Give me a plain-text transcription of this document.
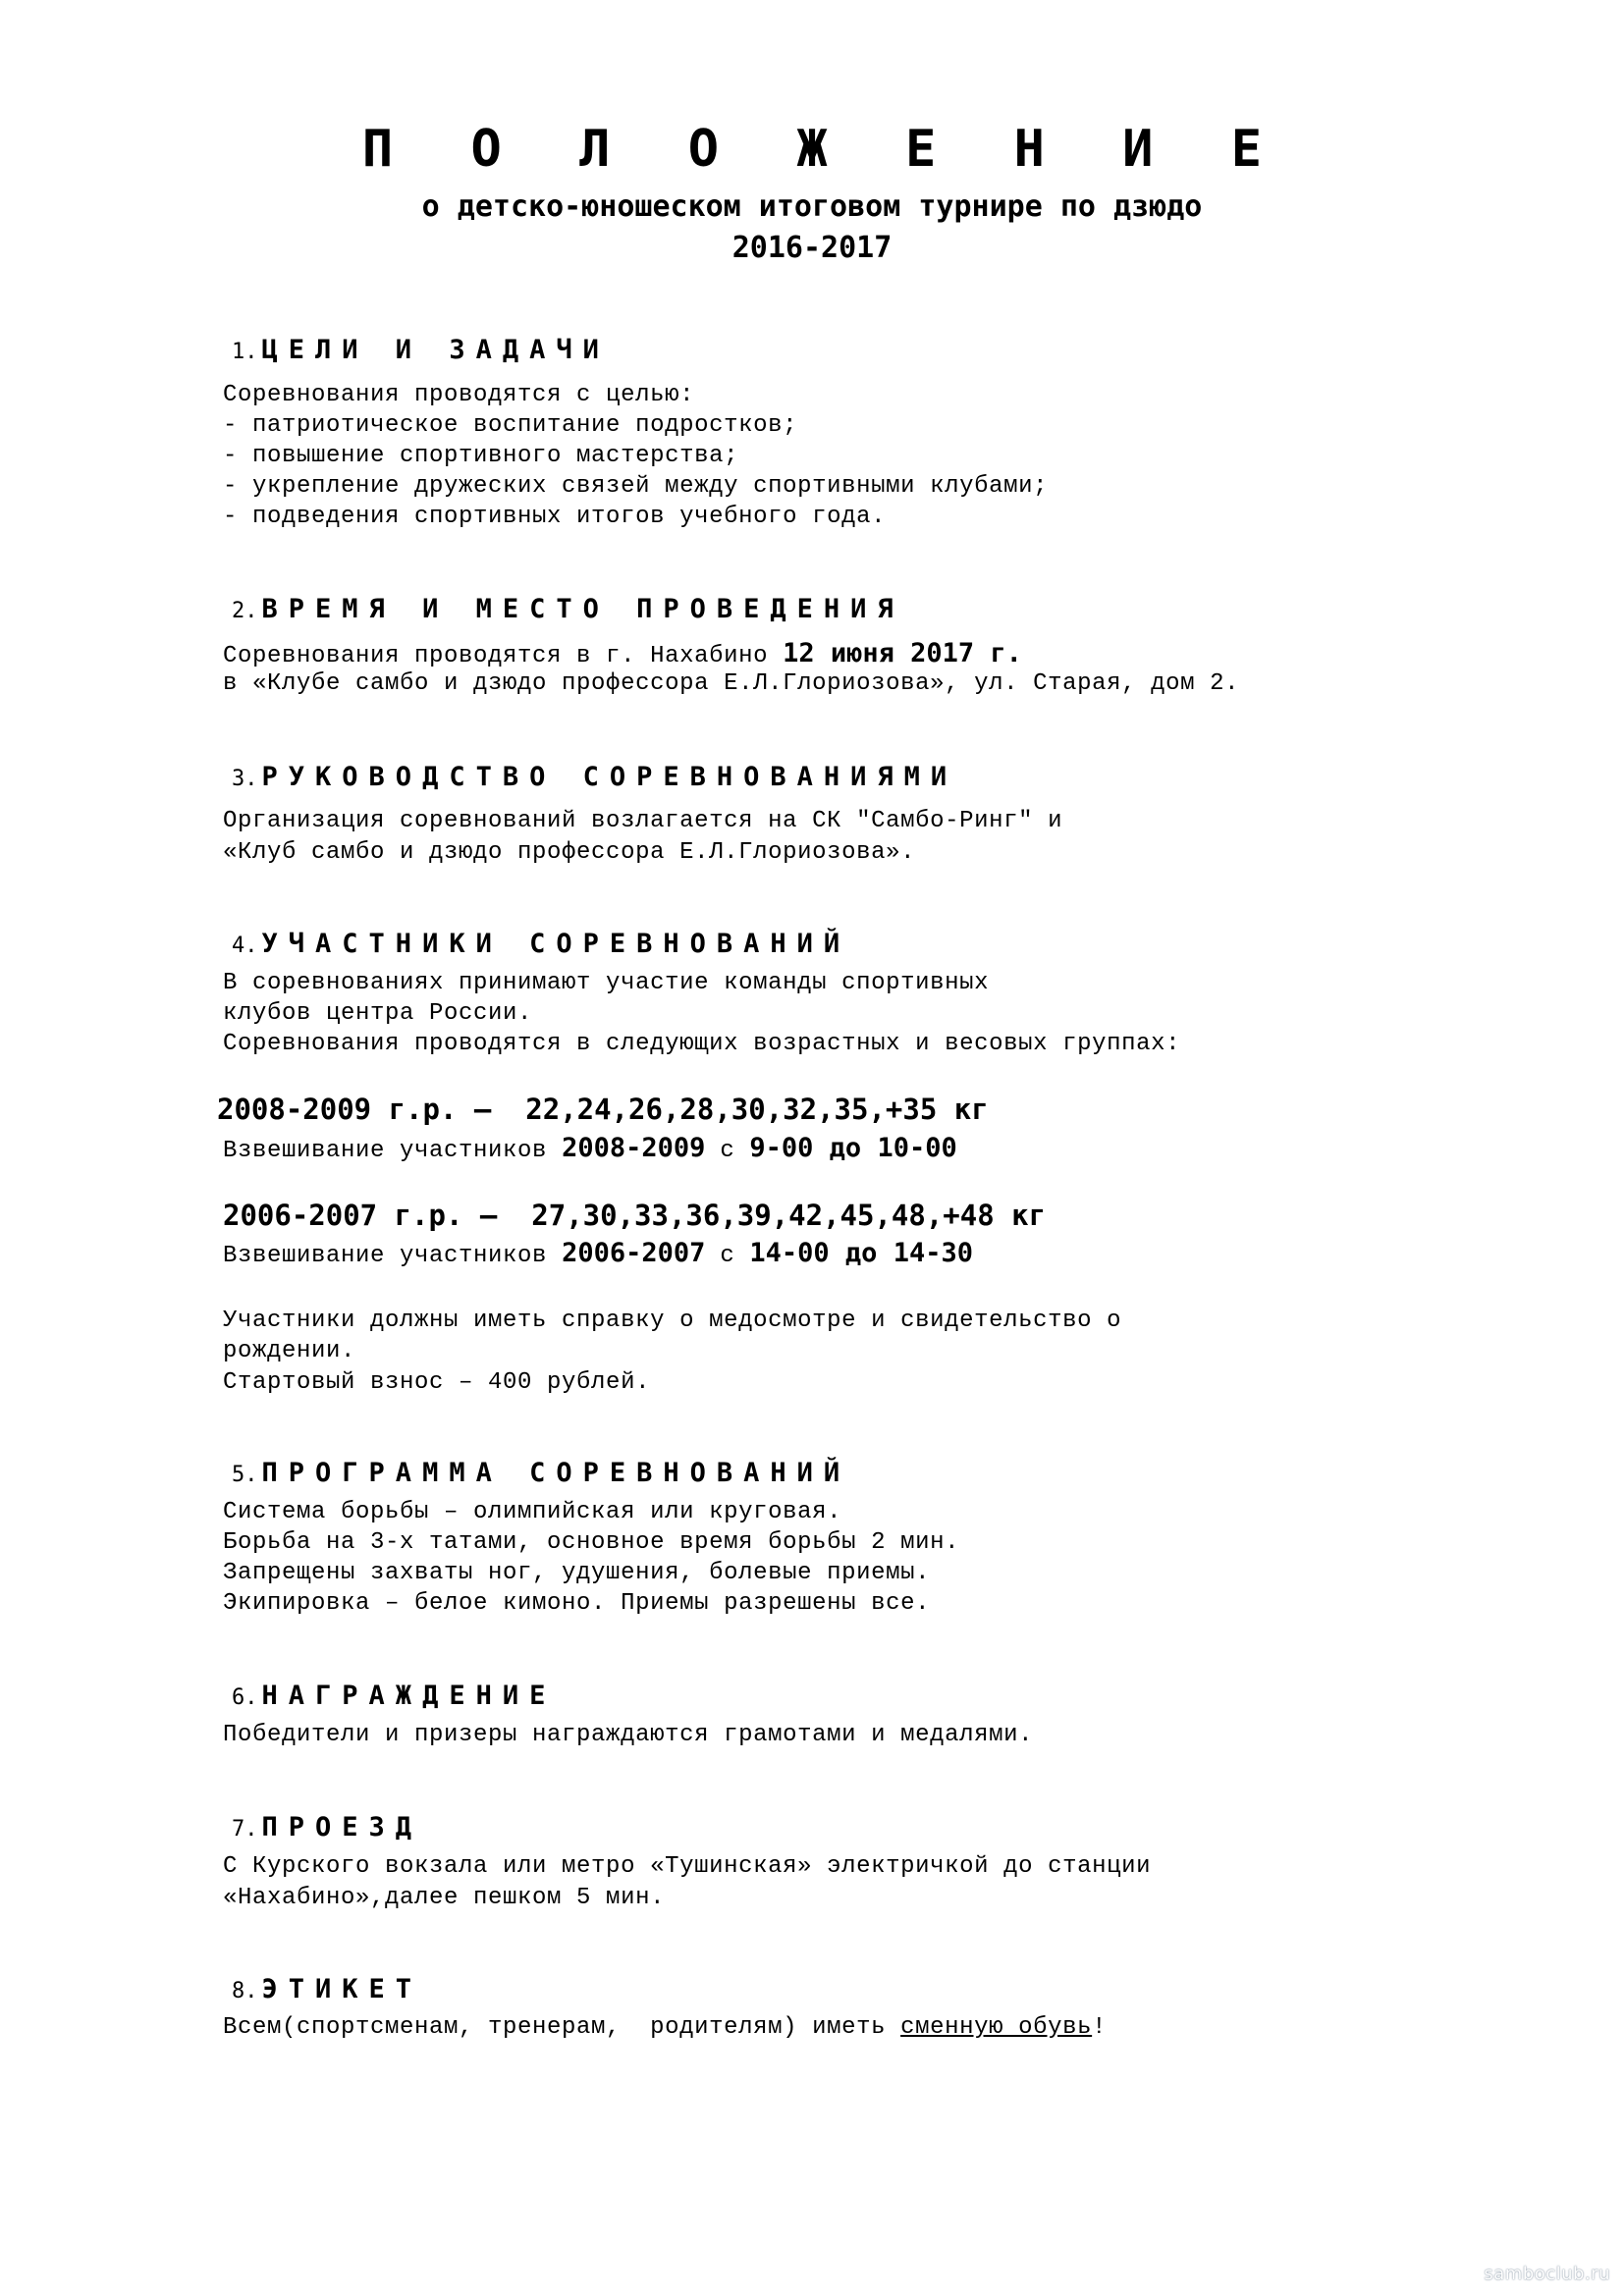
П О Л О Ж Е Н И Е
о детско-юношеском итоговом турнире по дзюдо
2016-2017

1. ЦЕЛИ И ЗАДАЧИ

Соревнования проводятся с целью:
- патриотическое воспитание подростков;
- повышение спортивного мастерства;
- укрепление дружеских связей между спортивными клубами;
- подведения спортивных итогов учебного года.

2. ВРЕМЯ И МЕСТО ПРОВЕДЕНИЯ

Соревнования проводятся в г. Нахабино 12 июня 2017 г.
в «Клубе самбо и дзюдо профессора Е.Л.Глориозова», ул. Старая, дом 2.

3. РУКОВОДСТВО СОРЕВНОВАНИЯМИ

Организация соревнований возлагается на СК "Самбо-Ринг" и
«Клуб самбо и дзюдо профессора Е.Л.Глориозова».

4. УЧАСТНИКИ СОРЕВНОВАНИЙ

В соревнованиях принимают участие команды спортивных
клубов центра России.
Соревнования проводятся в следующих возрастных и весовых группах:
2008-2009 г.р. –  22,24,26,28,30,32,35,+35 кг
Взвешивание участников 2008-2009 с 9-00 до 10-00
2006-2007 г.р. –  27,30,33,36,39,42,45,48,+48 кг
Взвешивание участников 2006-2007 с 14-00 до 14-30
Участники должны иметь справку о медосмотре и свидетельство о
рождении.
Стартовый взнос – 400 рублей.

5. ПРОГРАММА СОРЕВНОВАНИЙ

Система борьбы – олимпийская или круговая.
Борьба на 3-х татами, основное время борьбы 2 мин.
Запрещены захваты ног, удушения, болевые приемы.
Экипировка – белое кимоно. Приемы разрешены все.

6. НАГРАЖДЕНИЕ

Победители и призеры награждаются грамотами и медалями.

7. ПРОЕЗД

С Курского вокзала или метро «Тушинская» электричкой до станции
«Нахабино»,далее пешком 5 мин.

8. ЭТИКЕТ

Всем(спортсменам, тренерам,  родителям) иметь сменную обувь!
samboclub.ru
